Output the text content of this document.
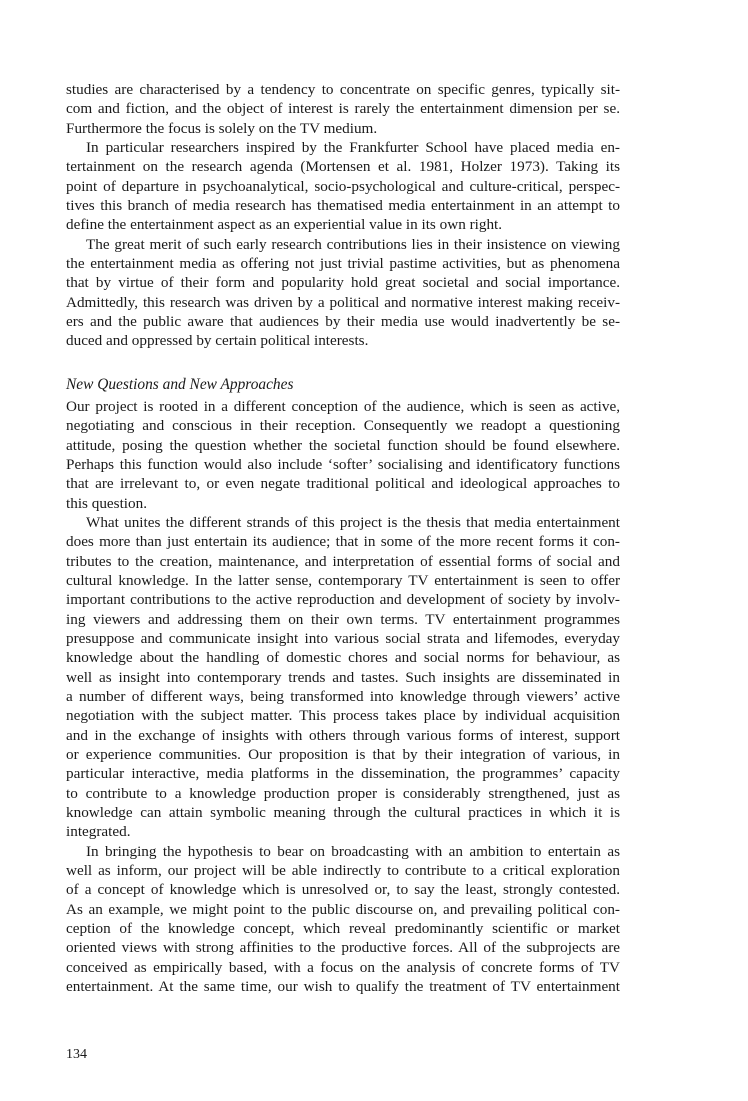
studies are characterised by a tendency to concentrate on specific genres, typically sit-
com and fiction, and the object of interest is rarely the entertainment dimension per se.
Furthermore the focus is solely on the TV medium.
In particular researchers inspired by the Frankfurter School have placed media en-
tertainment on the research agenda (Mortensen et al. 1981, Holzer 1973). Taking its
point of departure in psychoanalytical, socio-psychological and culture-critical, perspec-
tives this branch of media research has thematised media entertainment in an attempt to
define the entertainment aspect as an experiential value in its own right.
The great merit of such early research contributions lies in their insistence on viewing
the entertainment media as offering not just trivial pastime activities, but as phenomena
that by virtue of their form and popularity hold great societal and social importance.
Admittedly, this research was driven by a political and normative interest making receiv-
ers and the public aware that audiences by their media use would inadvertently be se-
duced and oppressed by certain political interests.
New Questions and New Approaches
Our project is rooted in a different conception of the audience, which is seen as active,
negotiating and conscious in their reception. Consequently we readopt a questioning
attitude, posing the question whether the societal function should be found elsewhere.
Perhaps this function would also include ‘softer’ socialising and identificatory functions
that are irrelevant to, or even negate traditional political and ideological approaches to
this question.
What unites the different strands of this project is the thesis that media entertainment
does more than just entertain its audience; that in some of the more recent forms it con-
tributes to the creation, maintenance, and interpretation of essential forms of social and
cultural knowledge. In the latter sense, contemporary TV entertainment is seen to offer
important contributions to the active reproduction and development of society by involv-
ing viewers and addressing them on their own terms. TV entertainment programmes
presuppose and communicate insight into various social strata and lifemodes, everyday
knowledge about the handling of domestic chores and social norms for behaviour, as
well as insight into contemporary trends and tastes. Such insights are disseminated in
a number of different ways, being transformed into knowledge through viewers’ active
negotiation with the subject matter. This process takes place by individual acquisition
and in the exchange of insights with others through various forms of interest, support
or experience communities. Our proposition is that by their integration of various, in
particular interactive, media platforms in the dissemination, the programmes’ capacity
to contribute to a knowledge production proper is considerably strengthened, just as
knowledge can attain symbolic meaning through the cultural practices in which it is
integrated.
In bringing the hypothesis to bear on broadcasting with an ambition to entertain as
well as inform, our project will be able indirectly to contribute to a critical exploration
of a concept of knowledge which is unresolved or, to say the least, strongly contested.
As an example, we might point to the public discourse on, and prevailing political con-
ception of the knowledge concept, which reveal predominantly scientific or market
oriented views with strong affinities to the productive forces. All of the subprojects are
conceived as empirically based, with a focus on the analysis of concrete forms of TV
entertainment. At the same time, our wish to qualify the treatment of TV entertainment
134
